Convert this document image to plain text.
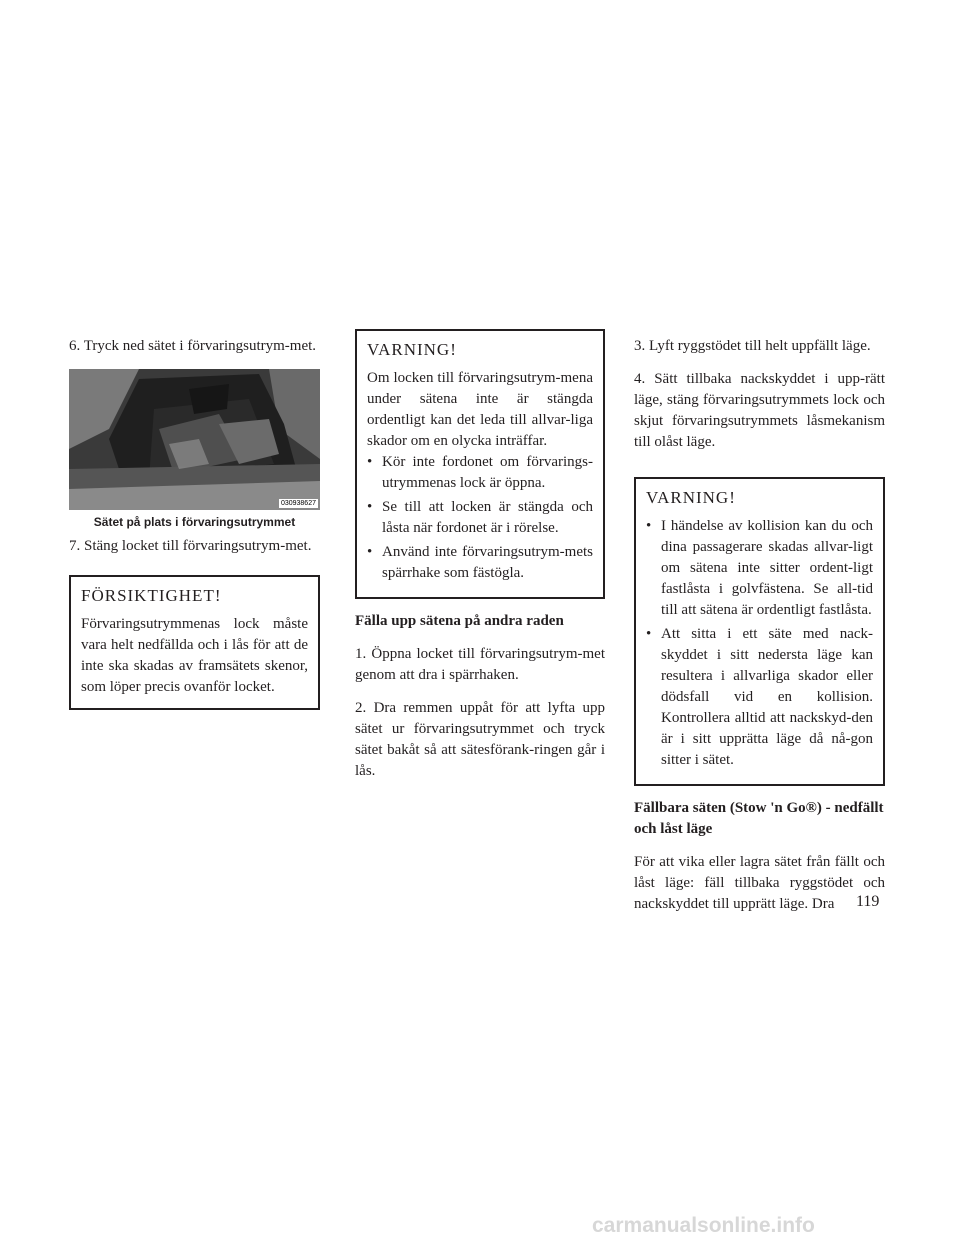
6. Tryck ned sätet i förvaringsutrym-met.

030938627
Sätet på plats i förvaringsutrymmet

7. Stäng locket till förvaringsutrym-met.

FÖRSIKTIGHET!

Förvaringsutrymmenas lock måste vara helt nedfällda och i lås för att de inte ska skadas av framsätets skenor, som löper precis ovanför locket.

VARNING!

Om locken till förvaringsutrym-mena under sätena inte är stängda ordentligt kan det leda till allvar-liga skador om en olycka inträffar.

• Kör inte fordonet om förvarings-utrymmenas lock är öppna.
• Se till att locken är stängda och låsta när fordonet är i rörelse.
• Använd inte förvaringsutrym-mets spärrhake som fästögla.
Fälla upp sätena på andra raden

1. Öppna locket till förvaringsutrym-met genom att dra i spärrhaken.

2. Dra remmen uppåt för att lyfta upp sätet ur förvaringsutrymmet och tryck sätet bakåt så att sätesförank-ringen går i lås.

3. Lyft ryggstödet till helt uppfällt läge.

4. Sätt tillbaka nackskyddet i upp-rätt läge, stäng förvaringsutrymmets lock och skjut förvaringsutrymmets låsmekanism till olåst läge.

VARNING!
• I händelse av kollision kan du och dina passagerare skadas allvar-ligt om sätena inte sitter ordent-ligt fastlåsta i golvfästena. Se all-tid till att sätena är ordentligt fastlåsta.
• Att sitta i ett säte med nack-skyddet i sitt nedersta läge kan resultera i allvarliga skador eller dödsfall vid en kollision. Kontrollera alltid att nackskyd-den är i sitt upprätta läge då nå-gon sitter i sätet.
Fällbara säten (Stow 'n Go®) - nedfällt och låst läge

För att vika eller lagra sätet från fällt och låst läge: fäll tillbaka ryggstödet och nackskyddet till upprätt läge. Dra	119
carmanualsonline.info
